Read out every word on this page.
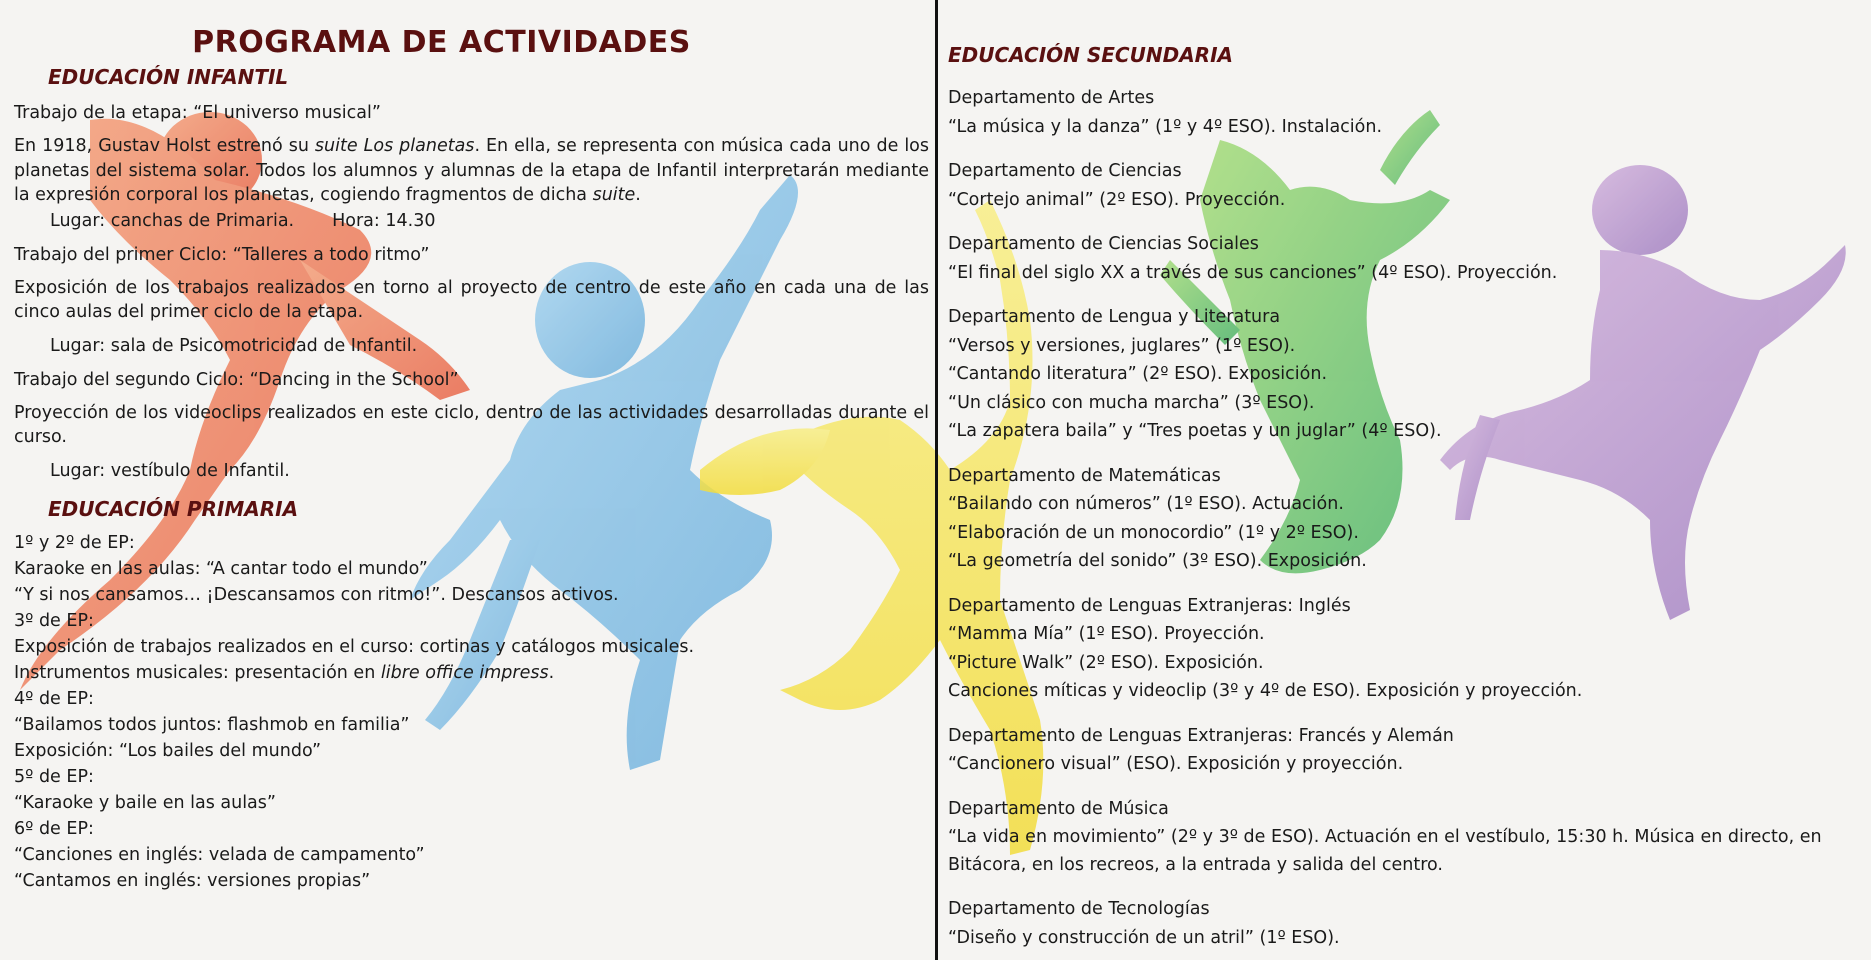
PROGRAMA DE ACTIVIDADES
EDUCACIÓN INFANTIL

Trabajo de la etapa: “El universo musical”

En 1918, Gustav Holst estrenó su suite Los planetas. En ella, se representa con música cada uno de los planetas del sistema solar. Todos los alumnos y alumnas de la etapa de Infantil interpretarán mediante la expresión corporal los planetas, cogiendo fragmentos de dicha suite.

Lugar: canchas de Primaria. Hora: 14.30

Trabajo del primer Ciclo: “Talleres a todo ritmo”

Exposición de los trabajos realizados en torno al proyecto de centro de este año en cada una de las cinco aulas del primer ciclo de la etapa.

Lugar: sala de Psicomotricidad de Infantil.

Trabajo del segundo Ciclo: “Dancing in the School”

Proyección de los videoclips realizados en este ciclo, dentro de las actividades desarrolladas durante el curso.

Lugar: vestíbulo de Infantil.

EDUCACIÓN PRIMARIA

1º y 2º de EP:

Karaoke en las aulas: “A cantar todo el mundo”

“Y si nos cansamos… ¡Descansamos con ritmo!”. Descansos activos.

3º de EP:

Exposición de trabajos realizados en el curso: cortinas y catálogos musicales.

Instrumentos musicales: presentación en libre office impress.

4º de EP:

“Bailamos todos juntos: flashmob en familia”

Exposición: “Los bailes del mundo”

5º de EP:

“Karaoke y baile en las aulas”

6º de EP:

“Canciones en inglés: velada de campamento”

“Cantamos en inglés: versiones propias”

EDUCACIÓN SECUNDARIA

Departamento de Artes

“La música y la danza” (1º y 4º ESO). Instalación.

Departamento de Ciencias

“Cortejo animal” (2º ESO). Proyección.

Departamento de Ciencias Sociales

“El final del siglo XX a través de sus canciones” (4º ESO). Proyección.

Departamento de Lengua y Literatura

“Versos y versiones, juglares” (1º ESO).

“Cantando literatura” (2º ESO). Exposición.

“Un clásico con mucha marcha” (3º ESO).

“La zapatera baila” y “Tres poetas y un juglar” (4º ESO).

Departamento de Matemáticas

“Bailando con números” (1º ESO). Actuación.

“Elaboración de un monocordio” (1º y 2º ESO).

“La geometría del sonido” (3º ESO). Exposición.

Departamento de Lenguas Extranjeras: Inglés

“Mamma Mía” (1º ESO). Proyección.

“Picture Walk” (2º ESO). Exposición.

Canciones míticas y videoclip (3º y 4º de ESO). Exposición y proyección.

Departamento de Lenguas Extranjeras: Francés y Alemán

“Cancionero visual” (ESO). Exposición y proyección.

Departamento de Música

“La vida en movimiento” (2º y 3º de ESO). Actuación en el vestíbulo, 15:30 h. Música en directo, en Bitácora, en los recreos, a la entrada y salida del centro.

Departamento de Tecnologías

“Diseño y construcción de un atril” (1º ESO).
